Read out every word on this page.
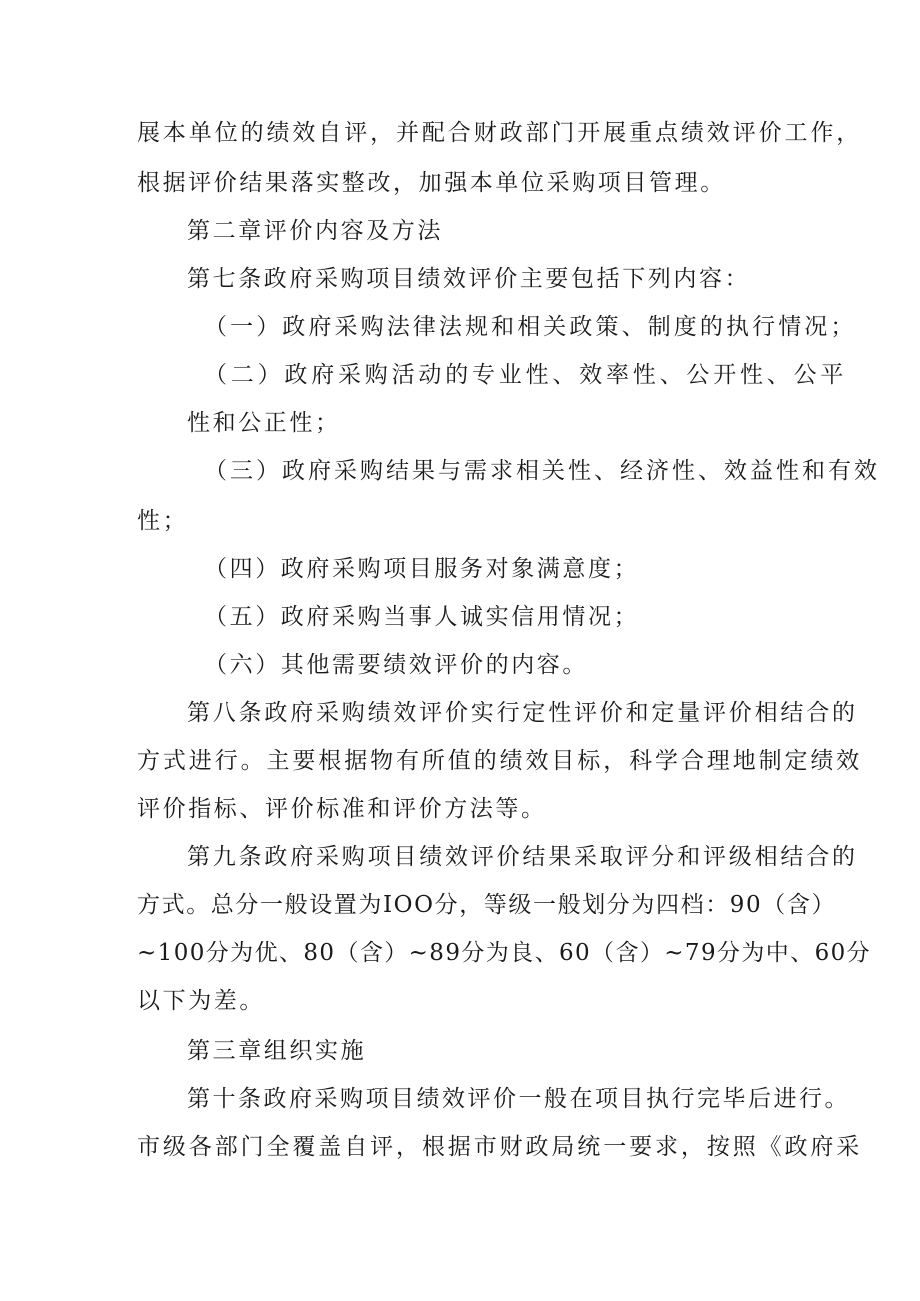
展本单位的绩效自评，并配合财政部门开展重点绩效评价工作，
根据评价结果落实整改，加强本单位采购项目管理。
第二章评价内容及方法
第七条政府采购项目绩效评价主要包括下列内容：
（一）政府采购法律法规和相关政策、制度的执行情况；
（二）政府采购活动的专业性、效率性、公开性、公平
性和公正性；
（三）政府采购结果与需求相关性、经济性、效益性和有效
性；
（四）政府采购项目服务对象满意度；
（五）政府采购当事人诚实信用情况；
（六）其他需要绩效评价的内容。
第八条政府采购绩效评价实行定性评价和定量评价相结合的
方式进行。主要根据物有所值的绩效目标，科学合理地制定绩效
评价指标、评价标准和评价方法等。
第九条政府采购项目绩效评价结果采取评分和评级相结合的
方式。总分一般设置为IOO分，等级一般划分为四档：90（含）
~100分为优、80（含）~89分为良、60（含）~79分为中、60分
以下为差。
第三章组织实施
第十条政府采购项目绩效评价一般在项目执行完毕后进行。
市级各部门全覆盖自评，根据市财政局统一要求，按照《政府采
